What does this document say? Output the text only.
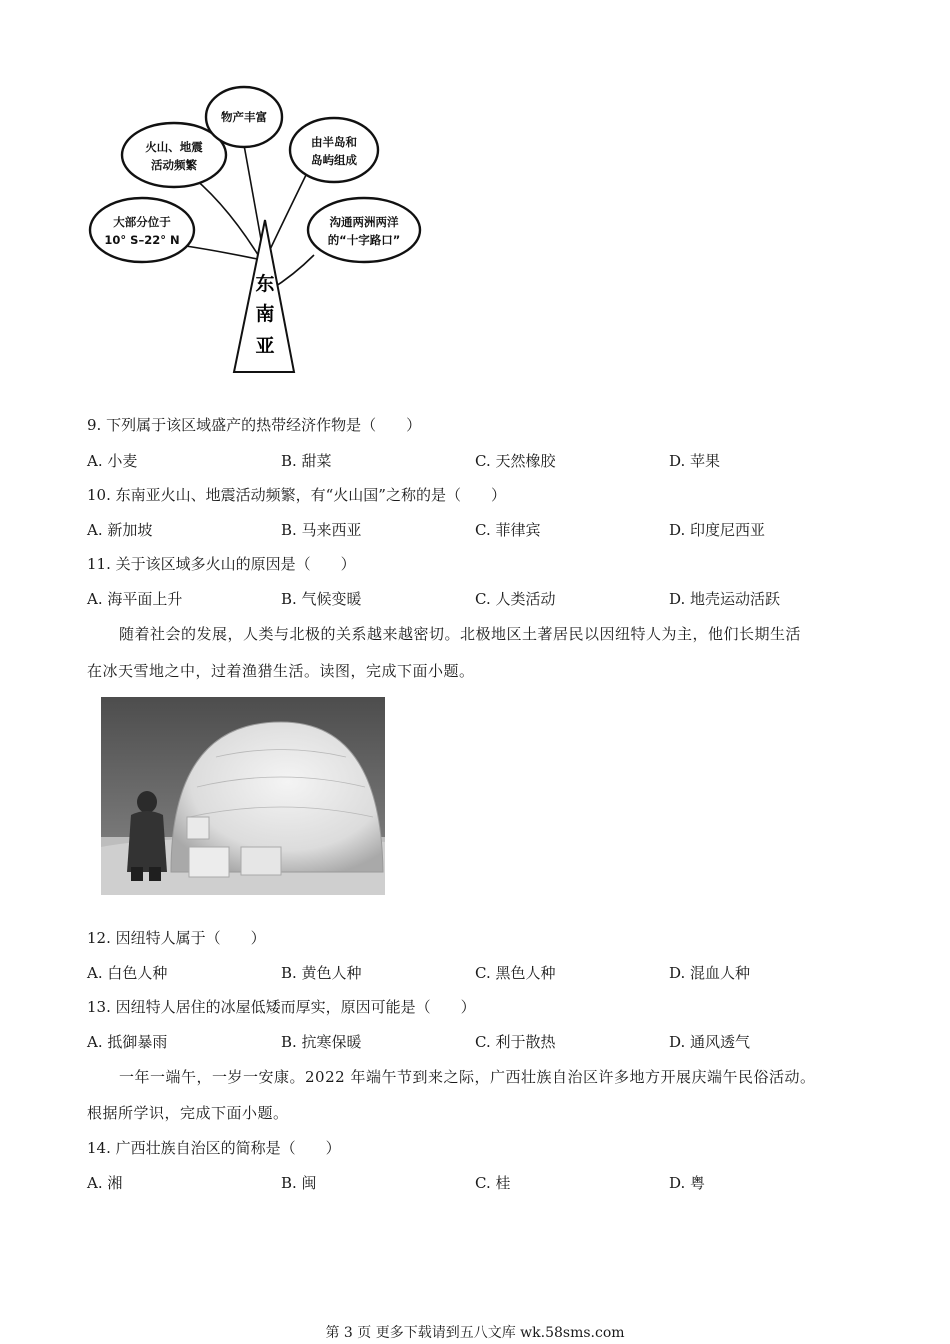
东
南
亚
大部分位于
10° S–22° N
火山、地震
活动频繁
物产丰富
由半岛和
岛屿组成
沟通两洲两洋
的“十字路口”
9. 下列属于该区域盛产的热带经济作物是（　　）
A. 小麦	B. 甜菜	C. 天然橡胶	D. 苹果
10. 东南亚火山、地震活动频繁，有“火山国”之称的是（　　）
A. 新加坡	B. 马来西亚	C. 菲律宾	D. 印度尼西亚
11. 关于该区域多火山的原因是（　　）
A. 海平面上升	B. 气候变暖	C. 人类活动	D. 地壳运动活跃
随着社会的发展，人类与北极的关系越来越密切。北极地区土著居民以因纽特人为主，他们长期生活
在冰天雪地之中，过着渔猎生活。读图，完成下面小题。
12. 因纽特人属于（　　）
A. 白色人种	B. 黄色人种	C. 黑色人种	D. 混血人种
13. 因纽特人居住的冰屋低矮而厚实，原因可能是（　　）
A. 抵御暴雨	B. 抗寒保暖	C. 利于散热	D. 通风透气
一年一端午，一岁一安康。2022 年端午节到来之际，广西壮族自治区许多地方开展庆端午民俗活动。
根据所学识，完成下面小题。
14. 广西壮族自治区的简称是（　　）
A. 湘	B. 闽	C. 桂	D. 粤
第 3 页 更多下载请到五八文库 wk.58sms.com
